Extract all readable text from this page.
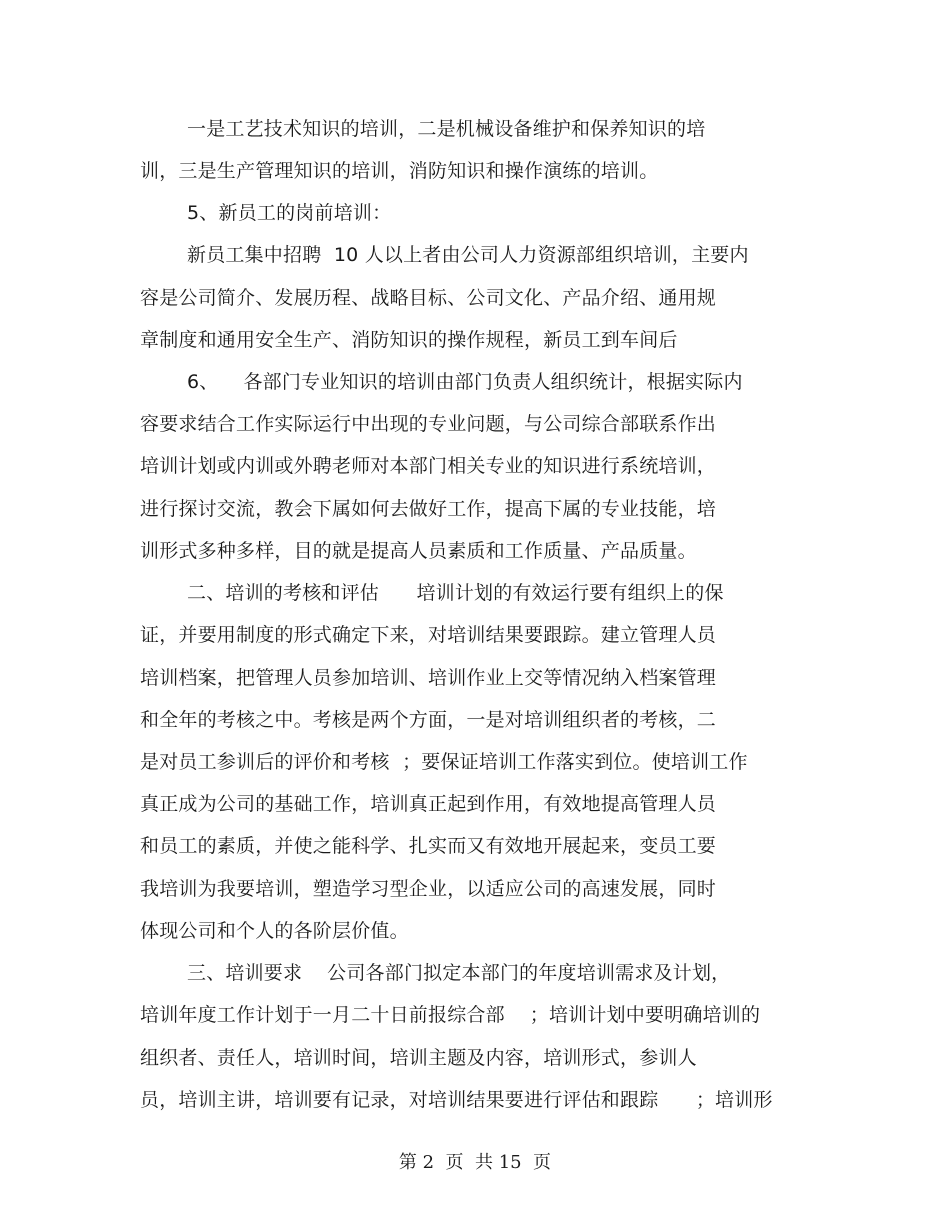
一是工艺技术知识的培训，二是机械设备维护和保养知识的培
训，三是生产管理知识的培训，消防知识和操作演练的培训。
5、新员工的岗前培训：
新员工集中招聘  10 人以上者由公司人力资源部组织培训，主要内
容是公司简介、发展历程、战略目标、公司文化、产品介绍、通用规
章制度和通用安全生产、消防知识的操作规程，新员工到车间后
6、    各部门专业知识的培训由部门负责人组织统计，根据实际内
容要求结合工作实际运行中出现的专业问题，与公司综合部联系作出
培训计划或内训或外聘老师对本部门相关专业的知识进行系统培训，
进行探讨交流，教会下属如何去做好工作，提高下属的专业技能，培
训形式多种多样，目的就是提高人员素质和工作质量、产品质量。
二、培训的考核和评估      培训计划的有效运行要有组织上的保
证，并要用制度的形式确定下来，对培训结果要跟踪。建立管理人员
培训档案，把管理人员参加培训、培训作业上交等情况纳入档案管理
和全年的考核之中。考核是两个方面，一是对培训组织者的考核，二
是对员工参训后的评价和考核  ；要保证培训工作落实到位。使培训工作
真正成为公司的基础工作，培训真正起到作用，有效地提高管理人员
和员工的素质，并使之能科学、扎实而又有效地开展起来，变员工要
我培训为我要培训，塑造学习型企业，以适应公司的高速发展，同时
体现公司和个人的各阶层价值。
三、培训要求    公司各部门拟定本部门的年度培训需求及计划，
培训年度工作计划于一月二十日前报综合部    ；培训计划中要明确培训的
组织者、责任人，培训时间，培训主题及内容，培训形式，参训人
员，培训主讲，培训要有记录，对培训结果要进行评估和跟踪      ；培训形
第 2  页  共 15  页
